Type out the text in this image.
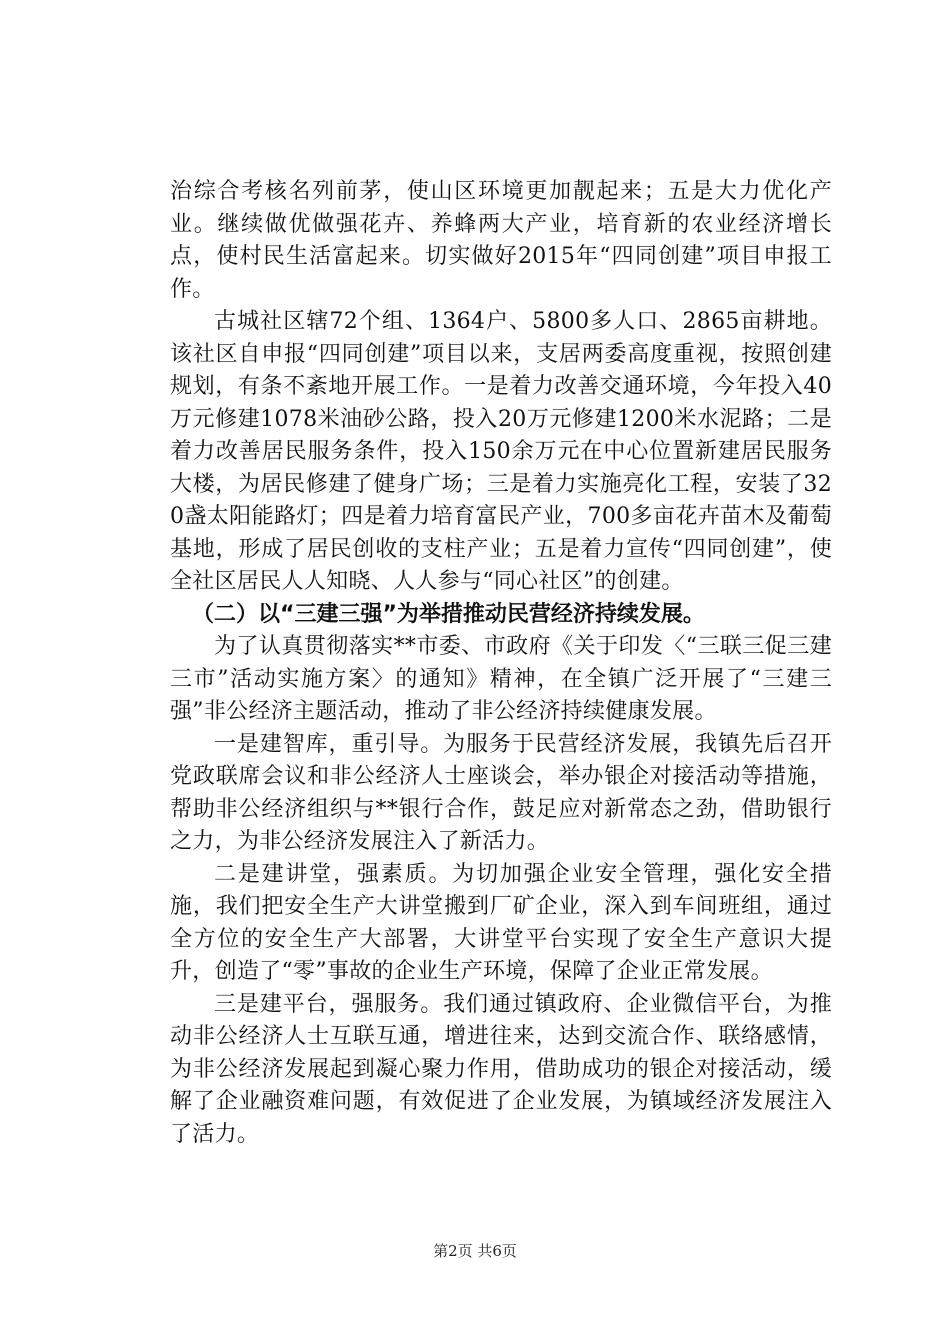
治综合考核名列前茅，使山区环境更加靓起来；五是大力优化产业。继续做优做强花卉、养蜂两大产业，培育新的农业经济增长点，使村民生活富起来。切实做好2015年“四同创建”项目申报工作。

古城社区辖72个组、1364户、5800多人口、2865亩耕地。该社区自申报“四同创建”项目以来，支居两委高度重视，按照创建规划，有条不紊地开展工作。一是着力改善交通环境，今年投入40万元修建1078米油砂公路，投入20万元修建1200米水泥路；二是着力改善居民服务条件，投入150余万元在中心位置新建居民服务大楼，为居民修建了健身广场；三是着力实施亮化工程，安装了320盏太阳能路灯；四是着力培育富民产业，700多亩花卉苗木及葡萄基地，形成了居民创收的支柱产业；五是着力宣传“四同创建”，使全社区居民人人知晓、人人参与“同心社区”的创建。

（二）以“三建三强”为举措推动民营经济持续发展。

为了认真贯彻落实**市委、市政府《关于印发〈“三联三促三建三市”活动实施方案〉的通知》精神，在全镇广泛开展了“三建三强”非公经济主题活动，推动了非公经济持续健康发展。

一是建智库，重引导。为服务于民营经济发展，我镇先后召开党政联席会议和非公经济人士座谈会，举办银企对接活动等措施，帮助非公经济组织与**银行合作，鼓足应对新常态之劲，借助银行之力，为非公经济发展注入了新活力。

二是建讲堂，强素质。为切加强企业安全管理，强化安全措施，我们把安全生产大讲堂搬到厂矿企业，深入到车间班组，通过全方位的安全生产大部署，大讲堂平台实现了安全生产意识大提升，创造了“零”事故的企业生产环境，保障了企业正常发展。

三是建平台，强服务。我们通过镇政府、企业微信平台，为推动非公经济人士互联互通，增进往来，达到交流合作、联络感情，为非公经济发展起到凝心聚力作用，借助成功的银企对接活动，缓解了企业融资难问题，有效促进了企业发展，为镇域经济发展注入了活力。

第2页 共6页
